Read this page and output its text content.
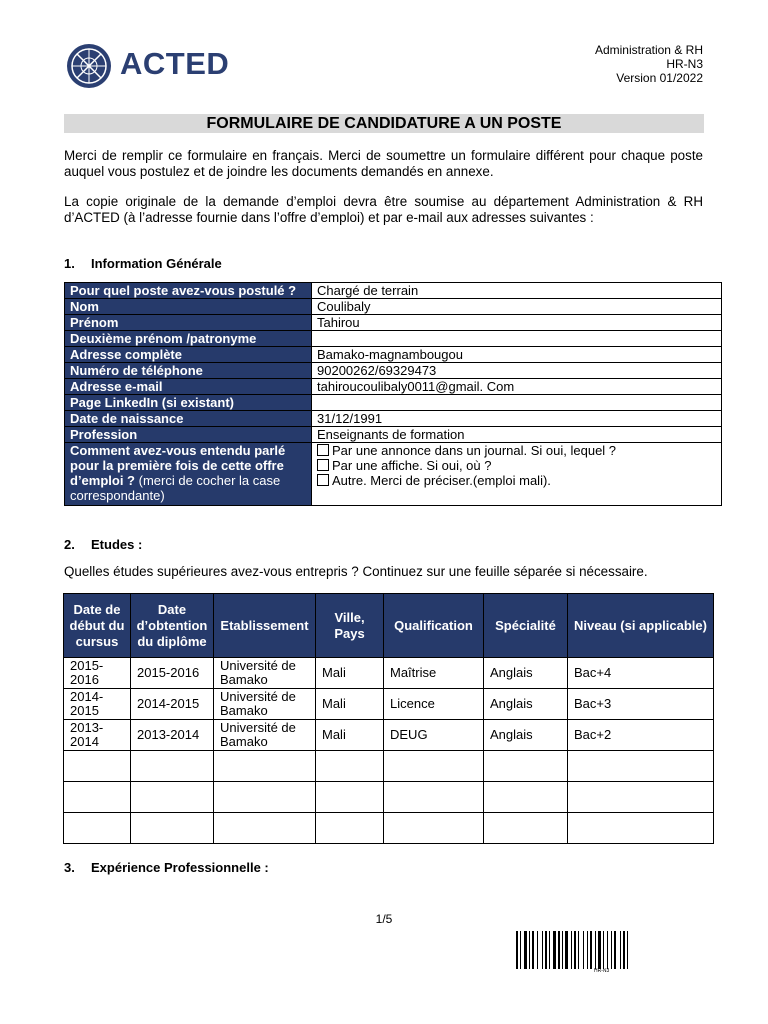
ACTED	Administration & RH
HR-N3
Version 01/2022
FORMULAIRE DE CANDIDATURE A UN POSTE
Merci de remplir ce formulaire en français. Merci de soumettre un formulaire différent pour chaque poste auquel vous postulez et de joindre les documents demandés en annexe.
La copie originale de la demande d’emploi devra être soumise au département Administration & RH d’ACTED (à l’adresse fournie dans l’offre d’emploi) et par e-mail aux adresses suivantes :
1. Information Générale
Pour quel poste avez-vous postulé ?	Chargé de terrain
Nom	Coulibaly
Prénom	Tahirou
Deuxième prénom /patronyme	
Adresse complète	Bamako-magnambougou
Numéro de téléphone	90200262/69329473
Adresse e-mail	tahiroucoulibaly0011@gmail. Com
Page LinkedIn (si existant)	
Date de naissance	31/12/1991
Profession	Enseignants de formation
Comment avez-vous entendu parlé pour la première fois de cette offre d’emploi ? (merci de cocher la case correspondante)	Par une annonce dans un journal. Si oui, lequel ?
Par une affiche. Si oui, où ?
Autre. Merci de préciser.(emploi mali).
2. Etudes :
Quelles études supérieures avez-vous entrepris ? Continuez sur une feuille séparée si nécessaire.
Date de début du cursus	Date d’obtention du diplôme	Etablissement	Ville, Pays	Qualification	Spécialité	Niveau (si applicable)
2015-2016	2015-2016	Université de Bamako	Mali	Maîtrise	Anglais	Bac+4
2014-2015	2014-2015	Université de Bamako	Mali	Licence	Anglais	Bac+3
2013-2014	2013-2014	Université de Bamako	Mali	DEUG	Anglais	Bac+2

3. Expérience Professionnelle :
1/5
HR-N3
